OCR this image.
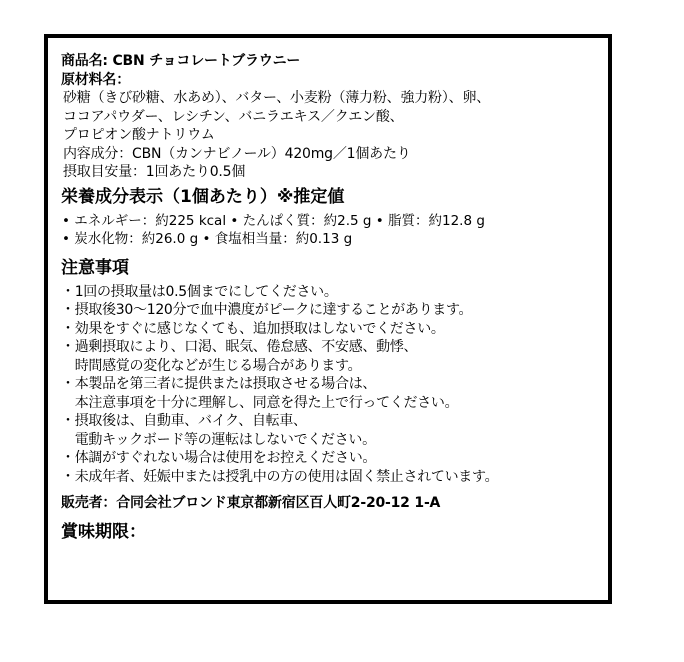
商品名: CBN チョコレートブラウニー
原材料名：
砂糖（きび砂糖、水あめ）、バター、小麦粉（薄力粉、強力粉）、卵、
ココアパウダー、レシチン、バニラエキス／クエン酸、
プロピオン酸ナトリウム
内容成分：CBN（カンナビノール）420mg／1個あたり
摂取目安量：1回あたり0.5個
栄養成分表示（1個あたり）※推定値
• エネルギー：約225 kcal • たんぱく質：約2.5 g • 脂質：約12.8 g
• 炭水化物：約26.0 g • 食塩相当量：約0.13 g
注意事項
・1回の摂取量は0.5個までにしてください。
・摂取後30～120分で血中濃度がピークに達することがあります。
・効果をすぐに感じなくても、追加摂取はしないでください。
・過剰摂取により、口渇、眠気、倦怠感、不安感、動悸、
　時間感覚の変化などが生じる場合があります。
・本製品を第三者に提供または摂取させる場合は、
　本注意事項を十分に理解し、同意を得た上で行ってください。
・摂取後は、自動車、バイク、自転車、
　電動キックボード等の運転はしないでください。
・体調がすぐれない場合は使用をお控えください。
・未成年者、妊娠中または授乳中の方の使用は固く禁止されています。
販売者：合同会社ブロンド東京都新宿区百人町2-20-12 1-A
賞味期限：
